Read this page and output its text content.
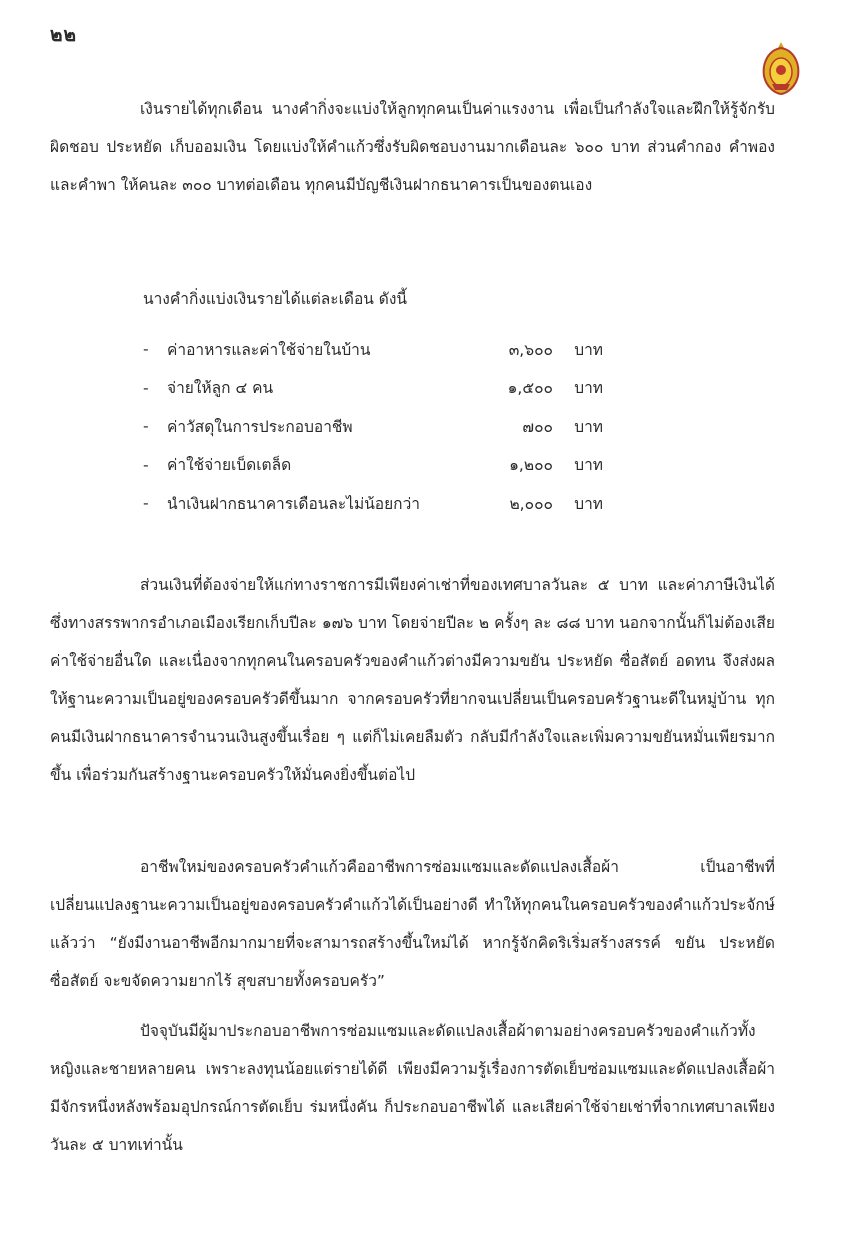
๒๒

เงินรายได้ทุกเดือน นางคำกิ่งจะแบ่งให้ลูกทุกคนเป็นค่าแรงงาน เพื่อเป็นกำลังใจและฝึกให้รู้จักรับผิดชอบ ประหยัด เก็บออมเงิน โดยแบ่งให้คำแก้วซึ่งรับผิดชอบงานมากเดือนละ ๖๐๐ บาท ส่วนคำกอง คำพอง และคำพา ให้คนละ ๓๐๐ บาทต่อเดือน ทุกคนมีบัญชีเงินฝากธนาคารเป็นของตนเอง

นางคำกิ่งแบ่งเงินรายได้แต่ละเดือน ดังนี้

-	ค่าอาหารและค่าใช้จ่ายในบ้าน	๓,๖๐๐	บาท
-	จ่ายให้ลูก ๔ คน	๑,๕๐๐	บาท
-	ค่าวัสดุในการประกอบอาชีพ	๗๐๐	บาท
-	ค่าใช้จ่ายเบ็ดเตล็ด	๑,๒๐๐	บาท
-	นำเงินฝากธนาคารเดือนละไม่น้อยกว่า	๒,๐๐๐	บาท

ส่วนเงินที่ต้องจ่ายให้แก่ทางราชการมีเพียงค่าเช่าที่ของเทศบาลวันละ ๕ บาท และค่าภาษีเงินได้ซึ่งทางสรรพากรอำเภอเมืองเรียกเก็บปีละ ๑๗๖ บาท โดยจ่ายปีละ ๒ ครั้งๆ ละ ๘๘ บาท นอกจากนั้นก็ไม่ต้องเสียค่าใช้จ่ายอื่นใด และเนื่องจากทุกคนในครอบครัวของคำแก้วต่างมีความขยัน ประหยัด ซื่อสัตย์ อดทน จึงส่งผลให้ฐานะความเป็นอยู่ของครอบครัวดีขึ้นมาก จากครอบครัวที่ยากจนเปลี่ยนเป็นครอบครัวฐานะดีในหมู่บ้าน ทุกคนมีเงินฝากธนาคารจำนวนเงินสูงขึ้นเรื่อย ๆ แต่ก็ไม่เคยลืมตัว กลับมีกำลังใจและเพิ่มความขยันหมั่นเพียรมากขึ้น เพื่อร่วมกันสร้างฐานะครอบครัวให้มั่นคงยิ่งขึ้นต่อไป

อาชีพใหม่ของครอบครัวคำแก้วคืออาชีพการซ่อมแซมและดัดแปลงเสื้อผ้า เป็นอาชีพที่เปลี่ยนแปลงฐานะความเป็นอยู่ของครอบครัวคำแก้วได้เป็นอย่างดี ทำให้ทุกคนในครอบครัวของคำแก้วประจักษ์แล้วว่า “ยังมีงานอาชีพอีกมากมายที่จะสามารถสร้างขึ้นใหม่ได้ หากรู้จักคิดริเริ่มสร้างสรรค์ ขยัน ประหยัด ซื่อสัตย์ จะขจัดความยากไร้ สุขสบายทั้งครอบครัว”

ปัจจุบันมีผู้มาประกอบอาชีพการซ่อมแซมและดัดแปลงเสื้อผ้าตามอย่างครอบครัวของคำแก้วทั้งหญิงและชายหลายคน เพราะลงทุนน้อยแต่รายได้ดี เพียงมีความรู้เรื่องการตัดเย็บซ่อมแซมและดัดแปลงเสื้อผ้า มีจักรหนึ่งหลังพร้อมอุปกรณ์การตัดเย็บ ร่มหนึ่งคัน ก็ประกอบอาชีพได้ และเสียค่าใช้จ่ายเช่าที่จากเทศบาลเพียงวันละ ๕ บาทเท่านั้น
